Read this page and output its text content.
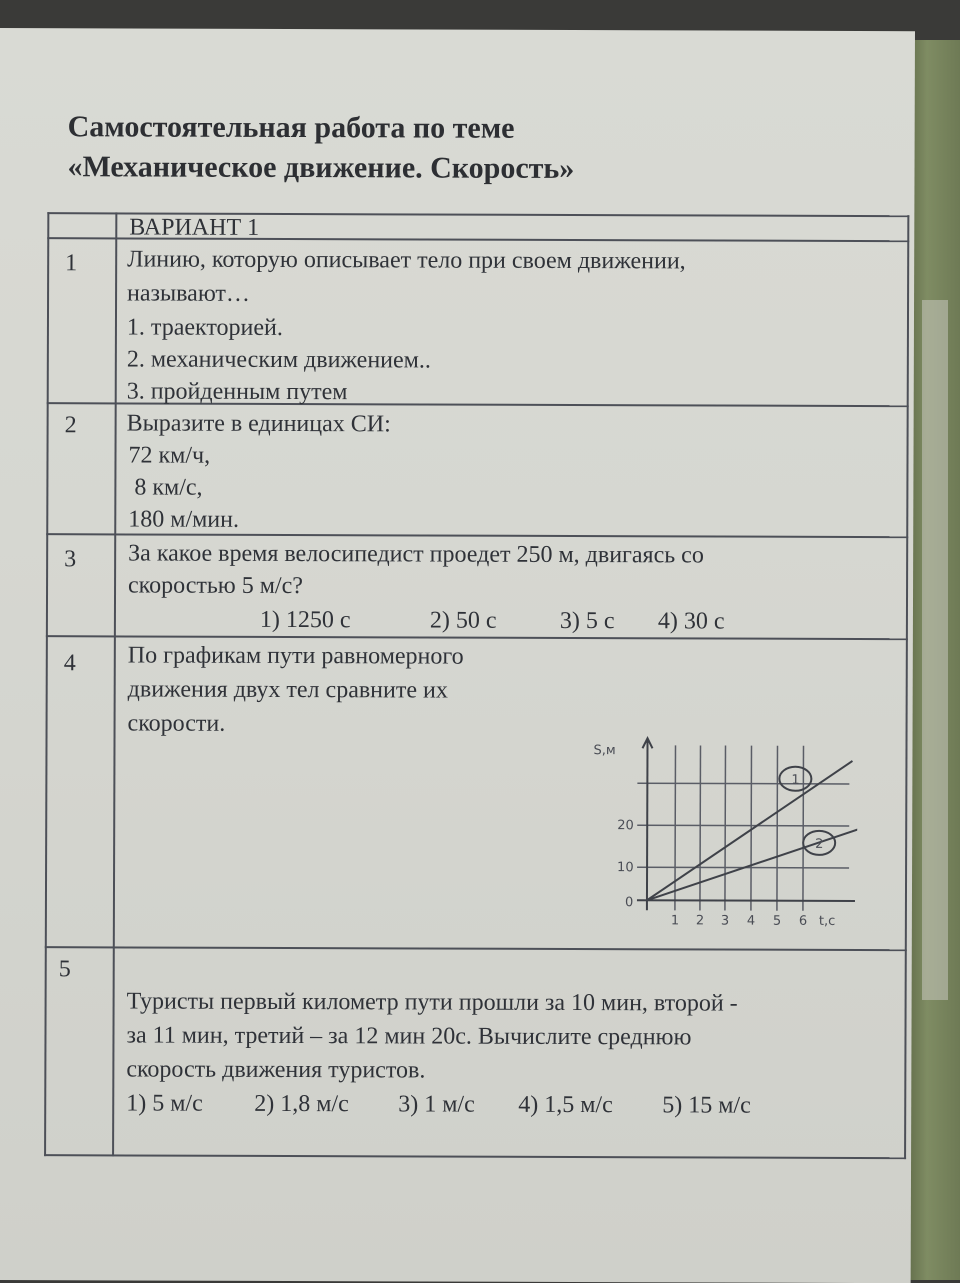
Самостоятельная работа по теме
«Механическое движение. Скорость»
ВАРИАНТ 1
1 Линию, которую описывает тело при своем движении,
называют…
1. траекторией.
2. механическим движением..
3. пройденным путем
2 Выразите в единицах СИ:
72 км/ч,
8 км/с,
180 м/мин.
3 За какое время велосипедист проедет 250 м, двигаясь со
скоростью 5 м/с?
1) 1250 с	2) 50 с	3) 5 с 4) 30 с
4 По графикам пути равномерного
движения двух тел сравните их
скорости.
S,м
t,c
0
10
20
1 2 3 4 5 6
1
2
5
Туристы первый километр пути прошли за 10 мин, второй -
за 11 мин, третий – за 12 мин 20с. Вычислите среднюю
скорость движения туристов.
1) 5 м/с 2) 1,8 м/с 3) 1 м/с 4) 1,5 м/с 5) 15 м/с
